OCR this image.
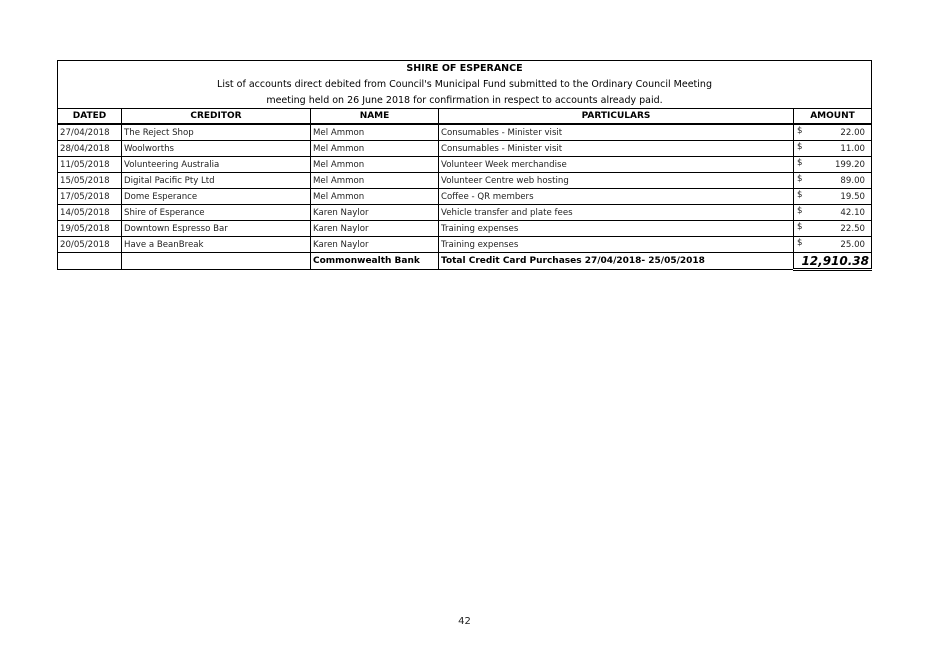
SHIRE OF ESPERANCE				
List of accounts direct debited from Council's Municipal Fund submitted to the Ordinary Council Meeting				
meeting held on 26 June 2018 for confirmation in respect to accounts already paid.				
DATED	CREDITOR	NAME	PARTICULARS	AMOUNT
27/04/2018	The Reject Shop	Mel Ammon	Consumables - Minister visit	$ 22.00

28/04/2018	Woolworths	Mel Ammon	Consumables - Minister visit	$ 11.00

11/05/2018	Volunteering Australia	Mel Ammon	Volunteer Week merchandise	$ 199.20

15/05/2018	Digital Pacific Pty Ltd	Mel Ammon	Volunteer Centre web hosting	$ 89.00

17/05/2018	Dome Esperance	Mel Ammon	Coffee - QR members	$ 19.50

14/05/2018	Shire of Esperance	Karen Naylor	Vehicle transfer and plate fees	$ 42.10

19/05/2018	Downtown Espresso Bar	Karen Naylor	Training expenses	$ 22.50

20/05/2018	Have a BeanBreak	Karen Naylor	Training expenses	$ 25.00

		Commonwealth Bank	Total Credit Card Purchases 27/04/2018- 25/05/2018	12,910.38
42
